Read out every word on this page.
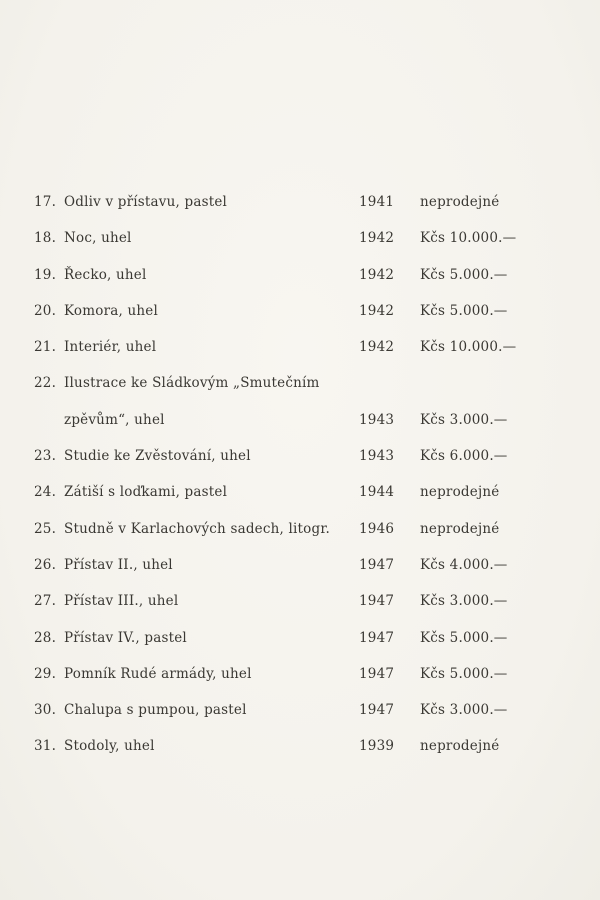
17. Odliv v přístavu, pastel	1941	neprodejné
18. Noc, uhel	1942	Kčs 10.000.—
19. Řecko, uhel	1942	Kčs 5.000.—
20. Komora, uhel	1942	Kčs 5.000.—
21. Interiér, uhel	1942	Kčs 10.000.—
22. Ilustrace ke Sládkovým „Smutečním
zpěvům“, uhel	1943	Kčs 3.000.—
23. Studie ke Zvěstování, uhel	1943	Kčs 6.000.—
24. Zátiší s loďkami, pastel	1944	neprodejné
25. Studně v Karlachových sadech, litogr. 1946	neprodejné
26. Přístav II., uhel	1947	Kčs 4.000.—
27. Přístav III., uhel	1947	Kčs 3.000.—
28. Přístav IV., pastel	1947	Kčs 5.000.—
29. Pomník Rudé armády, uhel	1947	Kčs 5.000.—
30. Chalupa s pumpou, pastel	1947	Kčs 3.000.—
31. Stodoly, uhel	1939	neprodejné
